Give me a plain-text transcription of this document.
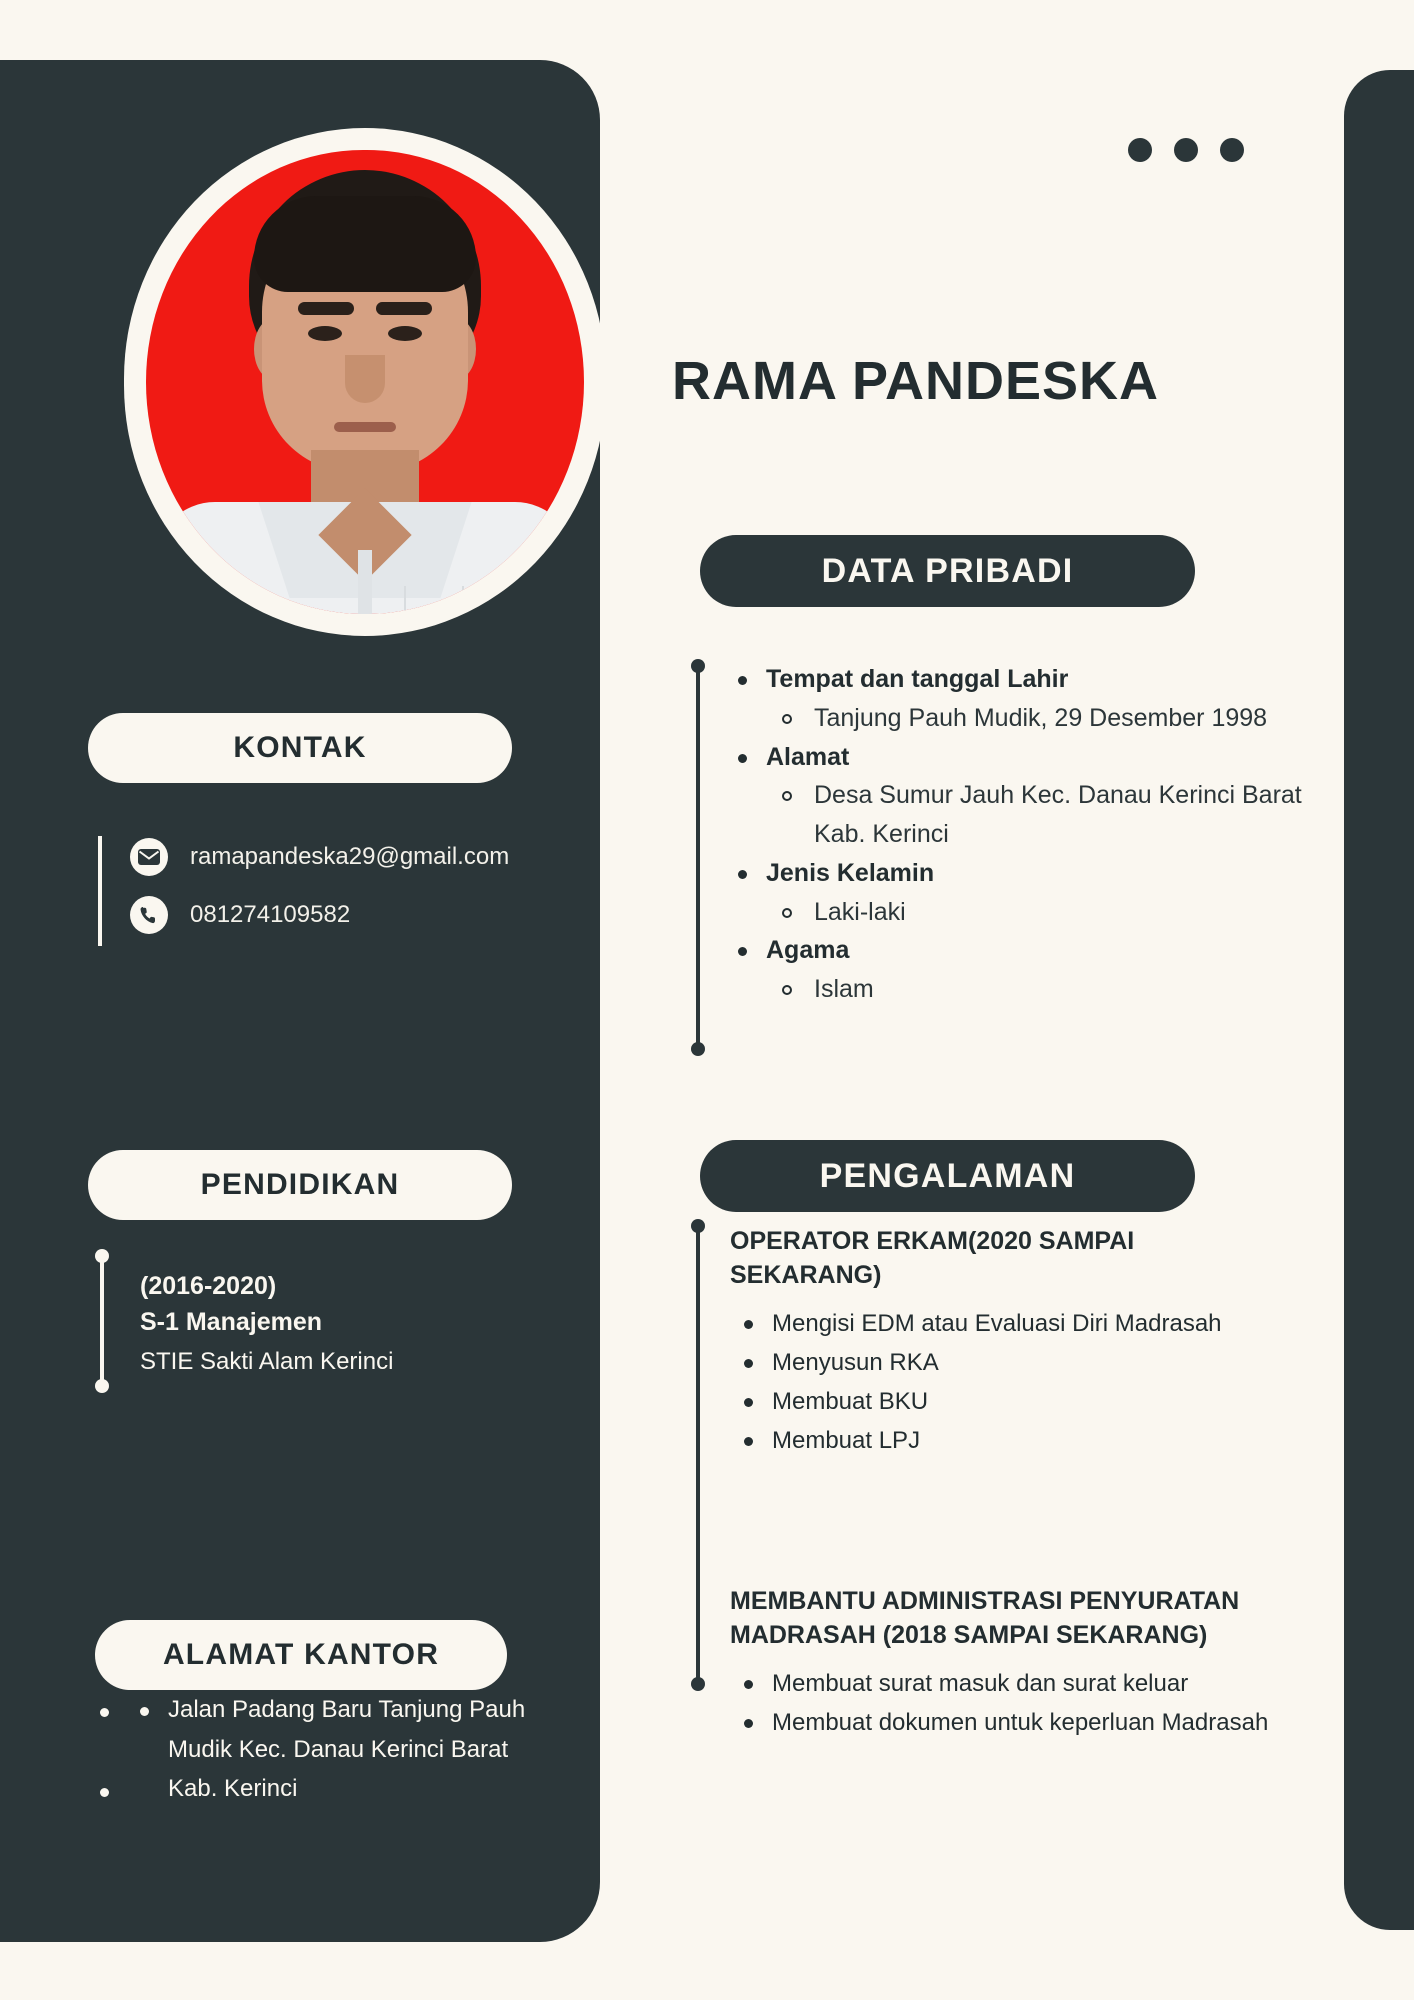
RAMA PANDESKA
DATA PRIBADI
Tempat dan tanggal Lahir
Tanjung Pauh Mudik, 29 Desember 1998
Alamat
Desa Sumur Jauh Kec. Danau Kerinci Barat Kab. Kerinci
Jenis Kelamin
Laki-laki
Agama
Islam
PENGALAMAN
OPERATOR ERKAM(2020 SAMPAI SEKARANG)
Mengisi EDM atau Evaluasi Diri Madrasah
Menyusun RKA
Membuat BKU
Membuat LPJ
MEMBANTU ADMINISTRASI PENYURATAN MADRASAH (2018 SAMPAI SEKARANG)
Membuat surat masuk dan surat keluar
Membuat dokumen untuk keperluan Madrasah
KONTAK
ramapandeska29@gmail.com
081274109582
PENDIDIKAN
(2016-2020)
S-1 Manajemen
STIE Sakti Alam Kerinci
ALAMAT KANTOR
Jalan Padang Baru Tanjung Pauh Mudik Kec. Danau Kerinci Barat Kab. Kerinci
